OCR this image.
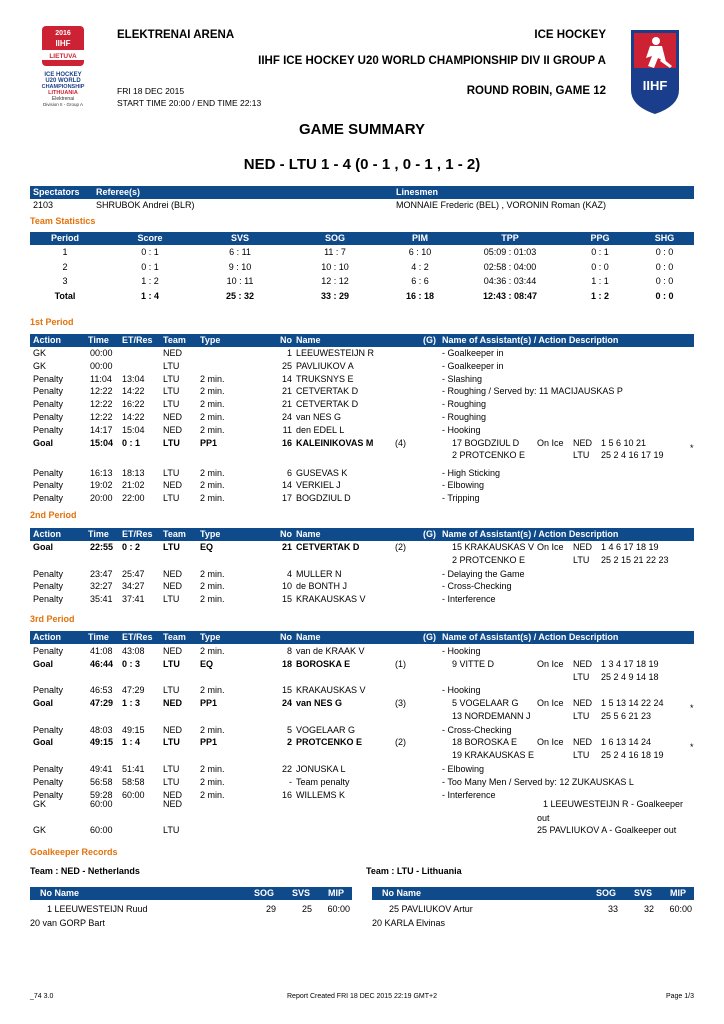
2016
IIHF
LIETUVA
ICE HOCKEY
U20 WORLD
CHAMPIONSHIP
LITHUANIA
Elektrenai
Division II - Group A
IIHF
ELEKTRENAI ARENA	ICE HOCKEY
IIHF ICE HOCKEY U20 WORLD CHAMPIONSHIP DIV II GROUP A
ROUND ROBIN, GAME 12
FRI 18 DEC 2015
START TIME 20:00 / END TIME 22:13
GAME SUMMARY
NED - LTU 1 - 4 (0 - 1 , 0 - 1 , 1 - 2)
Spectators Referee(s)	Linesmen
2103	SHRUBOK Andrei (BLR)	MONNAIE Frederic (BEL) , VORONIN Roman (KAZ)
Team Statistics
Period	Score	SVS	SOG	PIM	TPP	PPG	SHG
1	0 : 1	6 : 11	11 : 7	6 : 10	05:09 : 01:03	0 : 1	0 : 0
2	0 : 1	9 : 10	10 : 10	4 : 2	02:58 : 04:00	0 : 0	0 : 0
3	1 : 2	10 : 11	12 : 12	6 : 6	04:36 : 03:44	1 : 1	0 : 0
Total	1 : 4	25 : 32	33 : 29	16 : 18	12:43 : 08:47	1 : 2	0 : 0
1st Period
Action	Time ET/Res Team Type	No Name	(G) Name of Assistant(s) / Action Description
GK	00:00	NED	1 LEEUWESTEIJN R	- Goalkeeper in
GK	00:00	LTU	25 PAVLIUKOV A	- Goalkeeper in
Penalty	11:04 13:04 LTU 2 min.	14 TRUKSNYS E	- Slashing
Penalty	12:22 14:22 LTU 2 min.	21 CETVERTAK D	- Roughing / Served by: 11 MACIJAUSKAS P
Penalty	12:22 16:22 LTU 2 min.	21 CETVERTAK D	- Roughing
Penalty	12:22 14:22 NED 2 min.	24 van NES G	- Roughing
Penalty	14:17 15:04 NED 2 min.	11 den EDEL L	- Hooking
Goal	15:04 0 : 1	LTU PP1	16 KALEINIKOVAS M (4)	17 BOGDZIUL D On Ice NED 1 5 6 10 21	*
2 PROTCENKO E	LTU 25 2 4 16 17 19
Penalty	16:13 18:13 LTU 2 min.	6 GUSEVAS K	- High Sticking
Penalty	19:02 21:02 NED 2 min.	14 VERKIEL J	- Elbowing
Penalty	20:00 22:00 LTU 2 min.	17 BOGDZIUL D	- Tripping
2nd Period
Action	Time ET/Res Team Type	No Name	(G) Name of Assistant(s) / Action Description
Goal	22:55 0 : 2	LTU EQ	21 CETVERTAK D	(2)	15 KRAKAUSKAS V On Ice NED 1 4 6 17 18 19
2 PROTCENKO E	LTU 25 2 15 21 22 23
Penalty	23:47 25:47 NED 2 min.	4 MULLER N	- Delaying the Game
Penalty	32:27 34:27 NED 2 min.	10 de BONTH J	- Cross-Checking
Penalty	35:41 37:41 LTU 2 min.	15 KRAKAUSKAS V	- Interference
3rd Period
Action	Time ET/Res Team Type	No Name	(G) Name of Assistant(s) / Action Description
Penalty	41:08 43:08 NED 2 min.	8 van de KRAAK V	- Hooking
Goal	46:44 0 : 3	LTU EQ	18 BOROSKA E	(1)	9 VITTE D	On Ice NED 1 3 4 17 18 19
LTU 25 2 4 9 14 18
Penalty	46:53 47:29 LTU 2 min.	15 KRAKAUSKAS V	- Hooking
Goal	47:29 1 : 3	NED PP1	24 van NES G	(3)	5 VOGELAAR G On Ice NED 1 5 13 14 22 24	*
13 NORDEMANN J	LTU 25 5 6 21 23
Penalty	48:03 49:15 NED 2 min.	5 VOGELAAR G	- Cross-Checking
Goal	49:15 1 : 4	LTU PP1	2 PROTCENKO E	(2)	18 BOROSKA E On Ice NED 1 6 13 14 24	*
19 KRAKAUSKAS E	LTU 25 2 4 16 18 19
Penalty	49:41 51:41 LTU 2 min.	22 JONUSKA L	- Elbowing
Penalty	56:58 58:58 LTU 2 min.	- Team penalty	- Too Many Men / Served by: 12 ZUKAUSKAS L
Penalty	59:28 60:00 NED 2 min.	16 WILLEMS K	- Interference
GK	60:00	NED	1 LEEUWESTEIJN R - Goalkeeper
out
GK	60:00	LTU	25 PAVLIUKOV A - Goalkeeper out
Goalkeeper Records
Team : NED - Netherlands	Team : LTU - Lithuania
No Name	SOG SVS MIP
1 LEEUWESTEIJN Ruud	29	25	60:00
20 van GORP Bart
No Name	SOG SVS MIP
25 PAVLIUKOV Artur	33	32	60:00
20 KARLA Elvinas
_74 3.0	Report Created FRI 18 DEC 2015 22:19 GMT+2	Page 1/3
